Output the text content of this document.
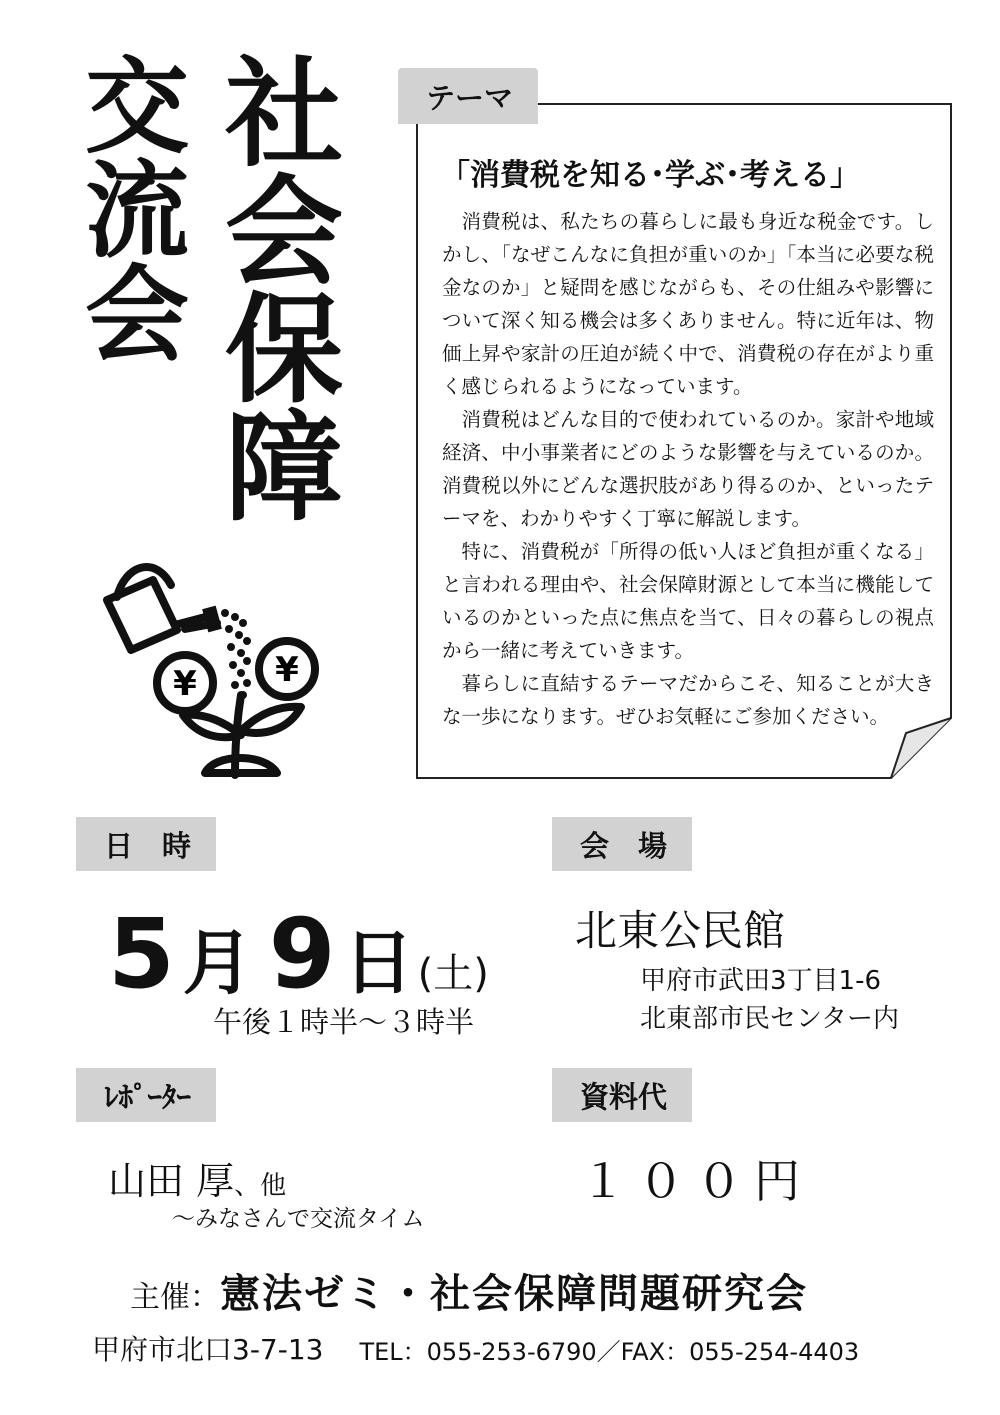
社
会
保
障
交
流
会
テーマ
「消費税を知る･学ぶ･考える」

消費税は、私たちの暮らしに最も身近な税金です。しかし、「なぜこんなに負担が重いのか」「本当に必要な税金なのか」と疑問を感じながらも、その仕組みや影響について深く知る機会は多くありません。特に近年は、物価上昇や家計の圧迫が続く中で、消費税の存在がより重く感じられるようになっています。

消費税はどんな目的で使われているのか。家計や地域経済、中小事業者にどのような影響を与えているのか。消費税以外にどんな選択肢があり得るのか、といったテーマを、わかりやすく丁寧に解説します。

特に、消費税が「所得の低い人ほど負担が重くなる」と言われる理由や、社会保障財源として本当に機能しているのかといった点に焦点を当て、日々の暮らしの視点から一緒に考えていきます。

暮らしに直結するテーマだからこそ、知ることが大きな一歩になります。ぜひお気軽にご参加ください。

¥ ¥
日　時
5 月 9 日 (土)
午後１時半～３時半
会　場
北東公民館
甲府市武田3丁目1-6
北東部市民センター内
ﾚﾎﾟｰﾀｰ
山田 厚、他
～みなさんで交流タイム
資料代
１００円
主催：憲法ゼミ・社会保障問題研究会
甲府市北口3-7-13 TEL：055-253-6790／FAX：055-254-4403
